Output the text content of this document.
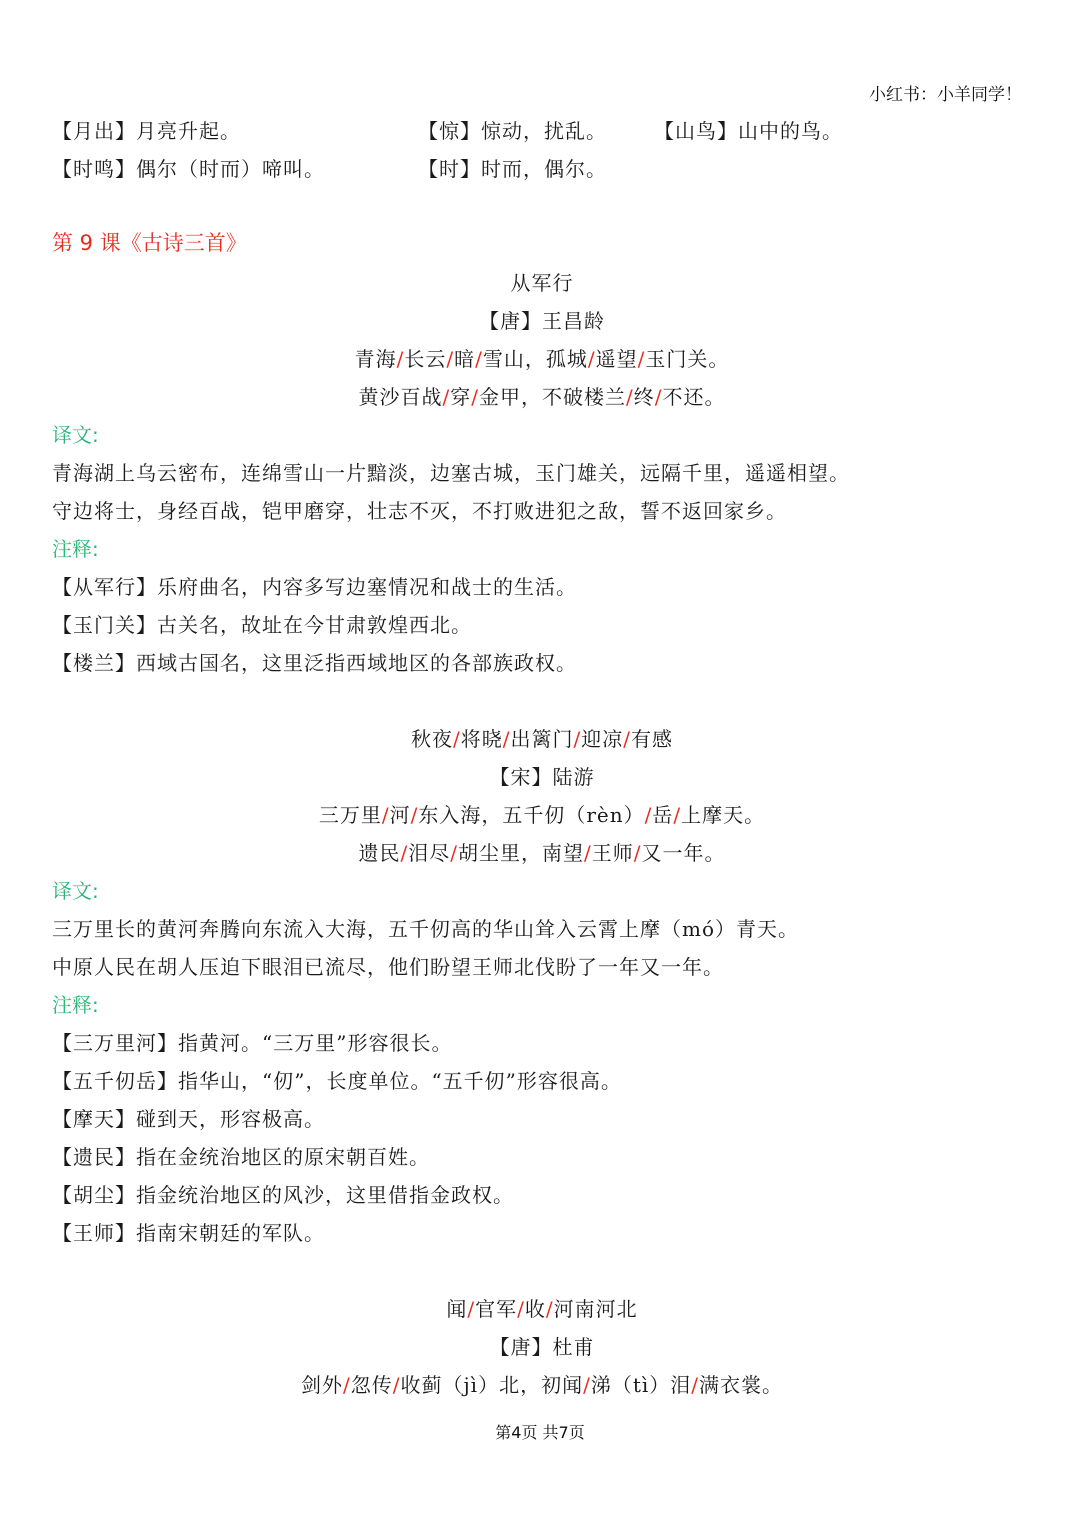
小红书：小羊同学！
【月出】月亮升起。	【惊】惊动，扰乱。 【山鸟】山中的鸟。
【时鸣】偶尔（时而）啼叫。	【时】时而，偶尔。
第 9 课《古诗三首》
从军行
【唐】王昌龄
青海/长云/暗/雪山，孤城/遥望/玉门关。
黄沙百战/穿/金甲，不破楼兰/终/不还。
译文:
青海湖上乌云密布，连绵雪山一片黯淡，边塞古城，玉门雄关，远隔千里，遥遥相望。
守边将士，身经百战，铠甲磨穿，壮志不灭，不打败进犯之敌，誓不返回家乡。
注释:
【从军行】乐府曲名，内容多写边塞情况和战士的生活。
【玉门关】古关名，故址在今甘肃敦煌西北。
【楼兰】西域古国名，这里泛指西域地区的各部族政权。
秋夜/将晓/出篱门/迎凉/有感
【宋】陆游
三万里/河/东入海，五千仞（rèn）/岳/上摩天。
遗民/泪尽/胡尘里，南望/王师/又一年。
译文:
三万里长的黄河奔腾向东流入大海，五千仞高的华山耸入云霄上摩（mó）青天。
中原人民在胡人压迫下眼泪已流尽，他们盼望王师北伐盼了一年又一年。
注释:
【三万里河】指黄河。“三万里”形容很长。
【五千仞岳】指华山，“仞”，长度单位。“五千仞”形容很高。
【摩天】碰到天，形容极高。
【遗民】指在金统治地区的原宋朝百姓。
【胡尘】指金统治地区的风沙，这里借指金政权。
【王师】指南宋朝廷的军队。
闻/官军/收/河南河北
【唐】杜甫
剑外/忽传/收蓟（jì）北，初闻/涕（tì）泪/满衣裳。
第4页 共7页
